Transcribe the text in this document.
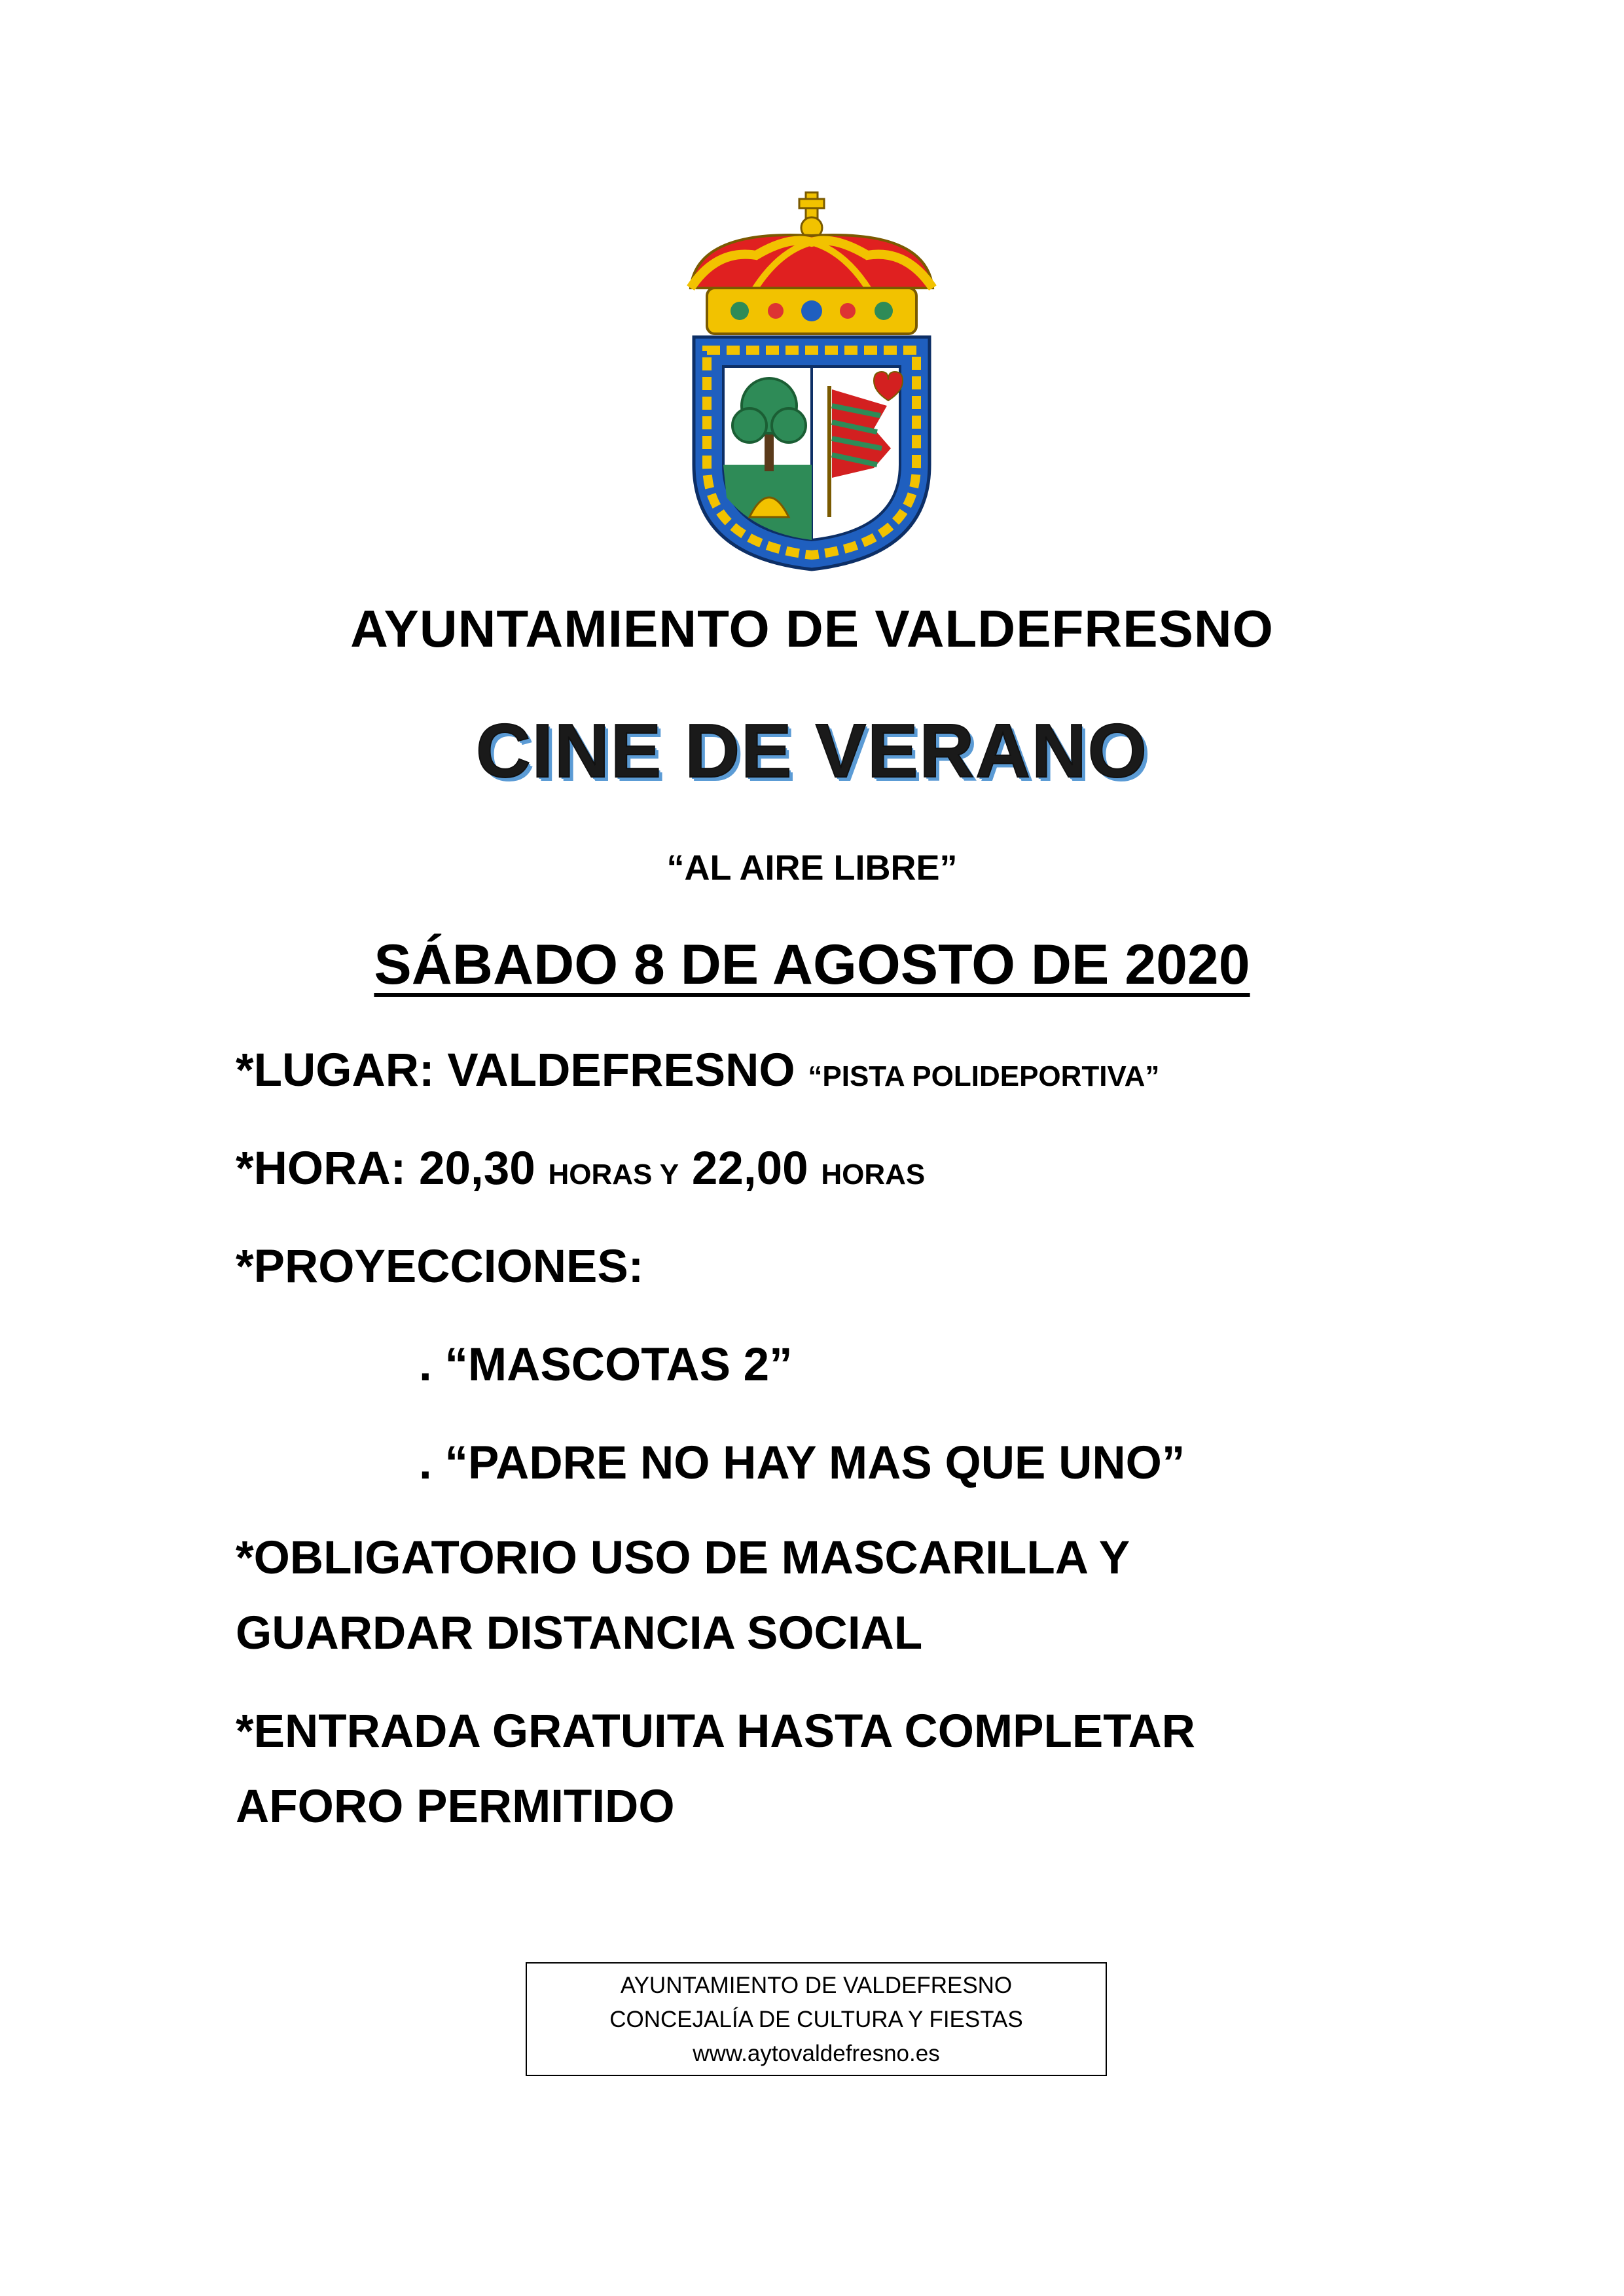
AYUNTAMIENTO DE VALDEFRESNO
CINE DE VERANO
“AL AIRE LIBRE”
SÁBADO 8 DE AGOSTO DE 2020
*LUGAR: VALDEFRESNO “PISTA POLIDEPORTIVA”
*HORA: 20,30 HORAS Y 22,00 HORAS
*PROYECCIONES:
. “MASCOTAS 2”
. “PADRE NO HAY MAS QUE UNO”
*OBLIGATORIO USO DE MASCARILLA Y
GUARDAR DISTANCIA SOCIAL
*ENTRADA GRATUITA HASTA COMPLETAR
AFORO PERMITIDO
AYUNTAMIENTO DE VALDEFRESNO
CONCEJALÍA DE CULTURA Y FIESTAS
www.aytovaldefresno.es
